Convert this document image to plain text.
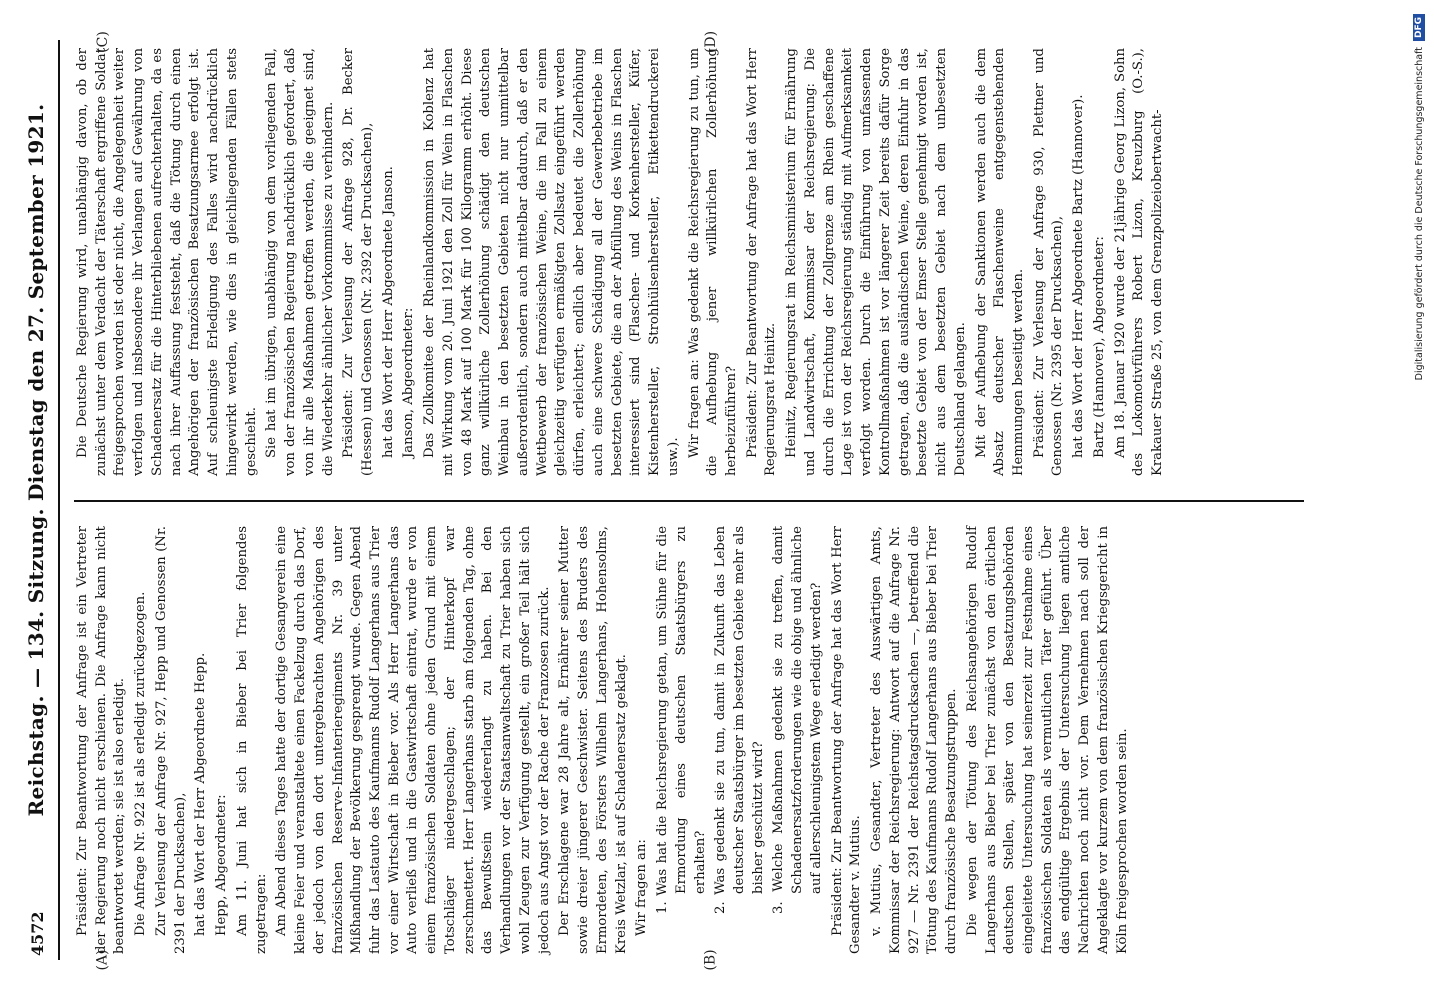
4572
Reichstag. — 134. Sitzung. Dienstag den 27. September 1921. Präsident: Zur Beantwortung der Anfrage ist ein Vertreter der Regierung noch nicht erschienen. Die Anfrage kann nicht beantwortet werden; sie ist also erledigt. Die Anfrage Nr. 922 ist als erledigt zurückgezogen. Zur Verlesung der Anfrage Nr. 927, Hepp und Genossen (Nr. 2391 der Drucksachen), hat das Wort der Herr Abgeordnete Hepp. Hepp, Abgeordneter: Am 11. Juni hat sich in Bieber bei Trier folgendes zugetragen: Am Abend dieses Tages hatte der dortige Gesangverein eine kleine Feier und veranstaltete einen Fackelzug durch das Dorf, der jedoch von den dort untergebrachten Angehörigen des französischen Reserve-Infanterieregiments Nr. 39 unter Mißhandlung der Bevölkerung gesprengt wurde. Gegen Abend fuhr das Lastauto des Kaufmanns Rudolf Langerhans aus Trier vor einer Wirtschaft in Bieber vor. Als Herr Langerhans das Auto verließ und in die Gastwirtschaft eintrat, wurde er von einem französischen Soldaten ohne jeden Grund mit einem Totschläger niedergeschlagen; der Hinterkopf war zerschmettert. Herr Langerhans starb am folgenden Tag, ohne das Bewußtsein wiedererlangt zu haben. Bei den Verhandlungen vor der Staatsanwaltschaft zu Trier haben sich wohl Zeugen zur Verfügung gestellt, ein großer Teil hält sich jedoch aus Angst vor der Rache der Franzosen zurück. Der Erschlagene war 28 Jahre alt, Ernährer seiner Mutter sowie dreier jüngerer Geschwister. Seitens des Bruders des Ermordeten, des Försters Wilhelm Langerhans, Hohensolms, Kreis Wetzlar, ist auf Schadenersatz geklagt. Wir fragen an: 1. Was hat die Reichsregierung getan, um Sühne für die Ermordung eines deutschen Staatsbürgers zu erhalten? 2. Was gedenkt sie zu tun, damit in Zukunft das Leben deutscher Staatsbürger im besetzten Gebiete mehr als bisher geschützt wird? 3. Welche Maßnahmen gedenkt sie zu treffen, damit Schadenersatzforderungen wie die obige und ähnliche auf allerschleunigstem Wege erledigt werden? Präsident: Zur Beantwortung der Anfrage hat das Wort Herr Gesandter v. Mutius. v. Mutius, Gesandter, Vertreter des Auswärtigen Amts, Kommissar der Reichsregierung: Antwort auf die Anfrage Nr. 927 — Nr. 2391 der Reichstagsdrucksachen —, betreffend die Tötung des Kaufmanns Rudolf Langerhans aus Bieber bei Trier durch französische Besatzungstruppen. Die wegen der Tötung des Reichsangehörigen Rudolf Langerhans aus Bieber bei Trier zunächst von den örtlichen deutschen Stellen, später von den Besatzungsbehörden eingeleitete Untersuchung hat seinerzeit zur Festnahme eines französischen Soldaten als vermutlichen Täter geführt. Über das endgültige Ergebnis der Untersuchung liegen amtliche Nachrichten noch nicht vor. Dem Vernehmen nach soll der Angeklagte vor kurzem von dem französischen Kriegsgericht in Köln freigesprochen worden sein.

Die Deutsche Regierung wird, unabhängig davon, ob der zunächst unter dem Verdacht der Täterschaft ergriffene Soldat freigesprochen worden ist oder nicht, die Angelegenheit weiter verfolgen und insbesondere ihr Verlangen auf Gewährung von Schadenersatz für die Hinterbliebenen aufrechterhalten, da es nach ihrer Auffassung feststeht, daß die Tötung durch einen Angehörigen der französischen Besatzungsarmee erfolgt ist. Auf schleunigste Erledigung des Falles wird nachdrücklich hingewirkt werden, wie dies in gleichliegenden Fällen stets geschieht. Sie hat im übrigen, unabhängig von dem vorliegenden Fall, von der französischen Regierung nachdrücklich gefordert, daß von ihr alle Maßnahmen getroffen werden, die geeignet sind, die Wiederkehr ähnlicher Vorkommnisse zu verhindern. Präsident: Zur Verlesung der Anfrage 928, Dr. Becker (Hessen) und Genossen (Nr. 2392 der Drucksachen), hat das Wort der Herr Abgeordnete Janson. Janson, Abgeordneter: Das Zollkomitee der Rheinlandkommission in Koblenz hat mit Wirkung vom 20. Juni 1921 den Zoll für Wein in Flaschen von 48 Mark auf 100 Mark für 100 Kilogramm erhöht. Diese ganz willkürliche Zollerhöhung schädigt den deutschen Weinbau in den besetzten Gebieten nicht nur unmittelbar außerordentlich, sondern auch mittelbar dadurch, daß er den Wettbewerb der französischen Weine, die im Fall zu einem gleichzeitig verfügten ermäßigten Zollsatz eingeführt werden dürfen, erleichtert; endlich aber bedeutet die Zollerhöhung auch eine schwere Schädigung all der Gewerbebetriebe im besetzten Gebiete, die an der Abfüllung des Weins in Flaschen interessiert sind (Flaschen- und Korkenhersteller, Küfer, Kistenhersteller, Strohhülsenhersteller, Etikettendruckerei usw.). Wir fragen an: Was gedenkt die Reichsregierung zu tun, um die Aufhebung jener willkürlichen Zollerhöhung herbeizuführen? Präsident: Zur Beantwortung der Anfrage hat das Wort Herr Regierungsrat Heinitz. Heinitz, Regierungsrat im Reichsministerium für Ernährung und Landwirtschaft, Kommissar der Reichsregierung: Die durch die Errichtung der Zollgrenze am Rhein geschaffene Lage ist von der Reichsregierung ständig mit Aufmerksamkeit verfolgt worden. Durch die Einführung von umfassenden Kontrollmaßnahmen ist vor längerer Zeit bereits dafür Sorge getragen, daß die ausländischen Weine, deren Einfuhr in das besetzte Gebiet von der Emser Stelle genehmigt worden ist, nicht aus dem besetzten Gebiet nach dem unbesetzten Deutschland gelangen. Mit der Aufhebung der Sanktionen werden auch die dem Absatz deutscher Flaschenweine entgegenstehenden Hemmungen beseitigt werden. Präsident: Zur Verlesung der Anfrage 930, Plettner und Genossen (Nr. 2395 der Drucksachen), hat das Wort der Herr Abgeordnete Bartz (Hannover). Bartz (Hannover), Abgeordneter: Am 18. Januar 1920 wurde der 21jährige Georg Lizon, Sohn des Lokomotivführers Robert Lizon, Kreuzburg (O.-S.), Krakauer Straße 25, von dem Grenzpolizeiobertwacht-

(A)	(B)
(C)	(D)
DFG
Digitalisierung gefördert durch die Deutsche Forschungsgemeinschaft
